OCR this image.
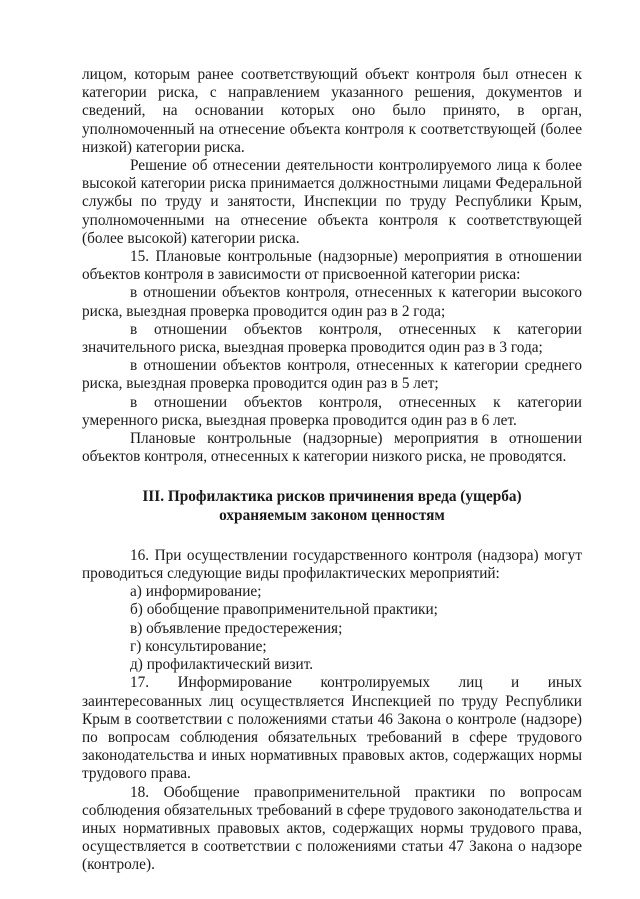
лицом, которым ранее соответствующий объект контроля был отнесен к категории риска, с направлением указанного решения, документов и сведений, на основании которых оно было принято, в орган, уполномоченный на отнесение объекта контроля к соответствующей (более низкой) категории риска.

Решение об отнесении деятельности контролируемого лица к более высокой категории риска принимается должностными лицами Федеральной службы по труду и занятости, Инспекции по труду Республики Крым, уполномоченными на отнесение объекта контроля к соответствующей (более высокой) категории риска.

15. Плановые контрольные (надзорные) мероприятия в отношении объектов контроля в зависимости от присвоенной категории риска:

в отношении объектов контроля, отнесенных к категории высокого риска, выездная проверка проводится один раз в 2 года;

в отношении объектов контроля, отнесенных к категории значительного риска, выездная проверка проводится один раз в 3 года;

в отношении объектов контроля, отнесенных к категории среднего риска, выездная проверка проводится один раз в 5 лет;

в отношении объектов контроля, отнесенных к категории умеренного риска, выездная проверка проводится один раз в 6 лет.

Плановые контрольные (надзорные) мероприятия в отношении объектов контроля, отнесенных к категории низкого риска, не проводятся.

III. Профилактика рисков причинения вреда (ущерба)
охраняемым законом ценностям

16. При осуществлении государственного контроля (надзора) могут проводиться следующие виды профилактических мероприятий:

а) информирование;

б) обобщение правоприменительной практики;

в) объявление предостережения;

г) консультирование;

д) профилактический визит.

17. Информирование контролируемых лиц и иных заинтересованных лиц осуществляется Инспекцией по труду Республики Крым в соответствии с положениями статьи 46 Закона о контроле (надзоре) по вопросам соблюдения обязательных требований в сфере трудового законодательства и иных нормативных правовых актов, содержащих нормы трудового права.

18. Обобщение правоприменительной практики по вопросам соблюдения обязательных требований в сфере трудового законодательства и иных нормативных правовых актов, содержащих нормы трудового права, осуществляется в соответствии с положениями статьи 47 Закона о надзоре (контроле).
